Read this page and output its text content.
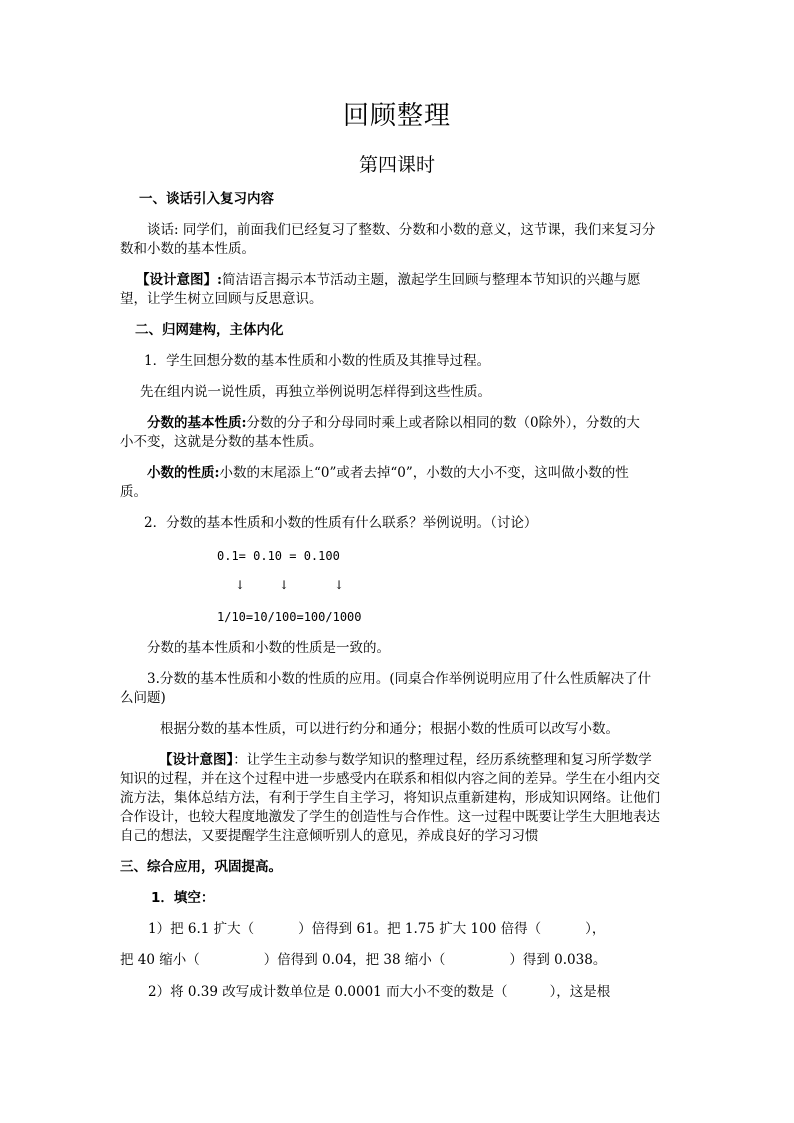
回顾整理
第四课时
一、谈话引入复习内容
谈话: 同学们，前面我们已经复习了整数、分数和小数的意义，这节课，我们来复习分
数和小数的基本性质。
【设计意图】:简洁语言揭示本节活动主题，激起学生回顾与整理本节知识的兴趣与愿
望，让学生树立回顾与反思意识。
二、归网建构，主体内化
1．学生回想分数的基本性质和小数的性质及其推导过程。
先在组内说一说性质，再独立举例说明怎样得到这些性质。
分数的基本性质:分数的分子和分母同时乘上或者除以相同的数（0除外），分数的大
小不变，这就是分数的基本性质。
小数的性质:小数的末尾添上“0”或者去掉“0”，小数的大小不变，这叫做小数的性
质。
2．分数的基本性质和小数的性质有什么联系？举例说明。（讨论）
0.1= 0.10 = 0.100
↓	↓	↓
1/10=10/100=100/1000
分数的基本性质和小数的性质是一致的。
3.分数的基本性质和小数的性质的应用。(同桌合作举例说明应用了什么性质解决了什
么问题)
根据分数的基本性质，可以进行约分和通分；根据小数的性质可以改写小数。
【设计意图】：让学生主动参与数学知识的整理过程，经历系统整理和复习所学数学
知识的过程，并在这个过程中进一步感受内在联系和相似内容之间的差异。学生在小组内交
流方法，集体总结方法，有利于学生自主学习，将知识点重新建构，形成知识网络。让他们
合作设计，也较大程度地激发了学生的创造性与合作性。这一过程中既要让学生大胆地表达
自己的想法，又要提醒学生注意倾听别人的意见，养成良好的学习习惯
三、综合应用，巩固提高。
1．填空：
1）把 6.1 扩大（	）倍得到 61。把 1.75 扩大 100 倍得（	），
把 40 缩小（	）倍得到 0.04，把 38 缩小（	）得到 0.038。
2）将 0.39 改写成计数单位是 0.0001 而大小不变的数是（	），这是根
